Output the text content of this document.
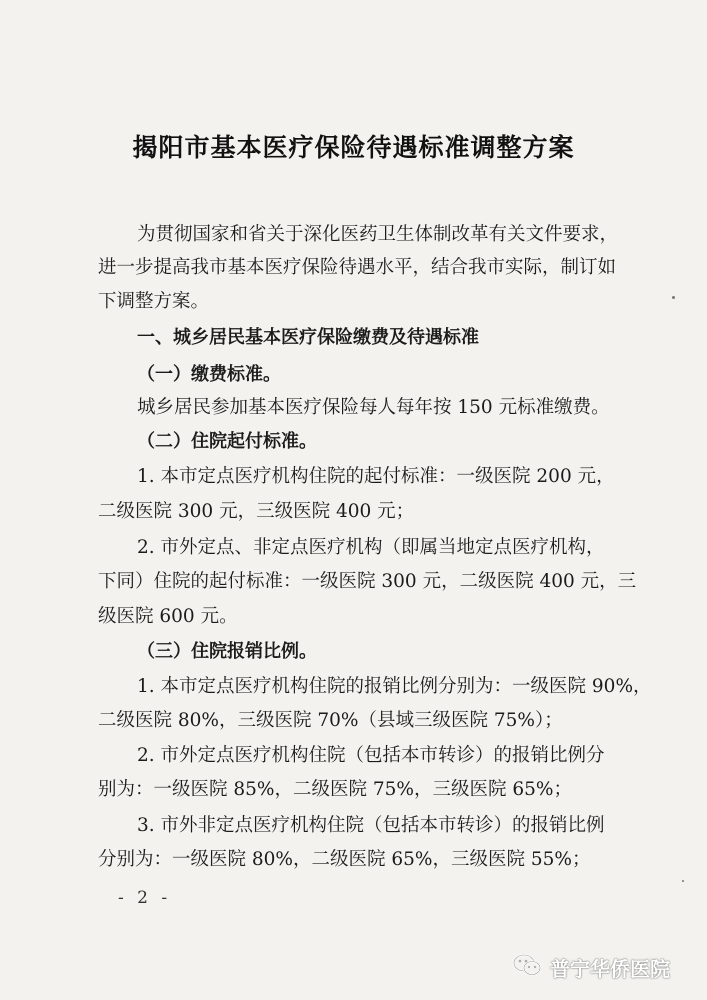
揭阳市基本医疗保险待遇标准调整方案
为贯彻国家和省关于深化医药卫生体制改革有关文件要求，
进一步提高我市基本医疗保险待遇水平，结合我市实际，制订如
下调整方案。
一、城乡居民基本医疗保险缴费及待遇标准
（一）缴费标准。
城乡居民参加基本医疗保险每人每年按 150 元标准缴费。
（二）住院起付标准。
1. 本市定点医疗机构住院的起付标准：一级医院 200 元，
二级医院 300 元，三级医院 400 元；
2. 市外定点、非定点医疗机构（即属当地定点医疗机构，
下同）住院的起付标准：一级医院 300 元，二级医院 400 元，三
级医院 600 元。
（三）住院报销比例。
1. 本市定点医疗机构住院的报销比例分别为：一级医院 90%，
二级医院 80%，三级医院 70%（县域三级医院 75%）；
2. 市外定点医疗机构住院（包括本市转诊）的报销比例分
别为：一级医院 85%，二级医院 75%，三级医院 65%；
3. 市外非定点医疗机构住院（包括本市转诊）的报销比例
分别为：一级医院 80%，二级医院 65%，三级医院 55%；
- 2 -
普宁华侨医院
